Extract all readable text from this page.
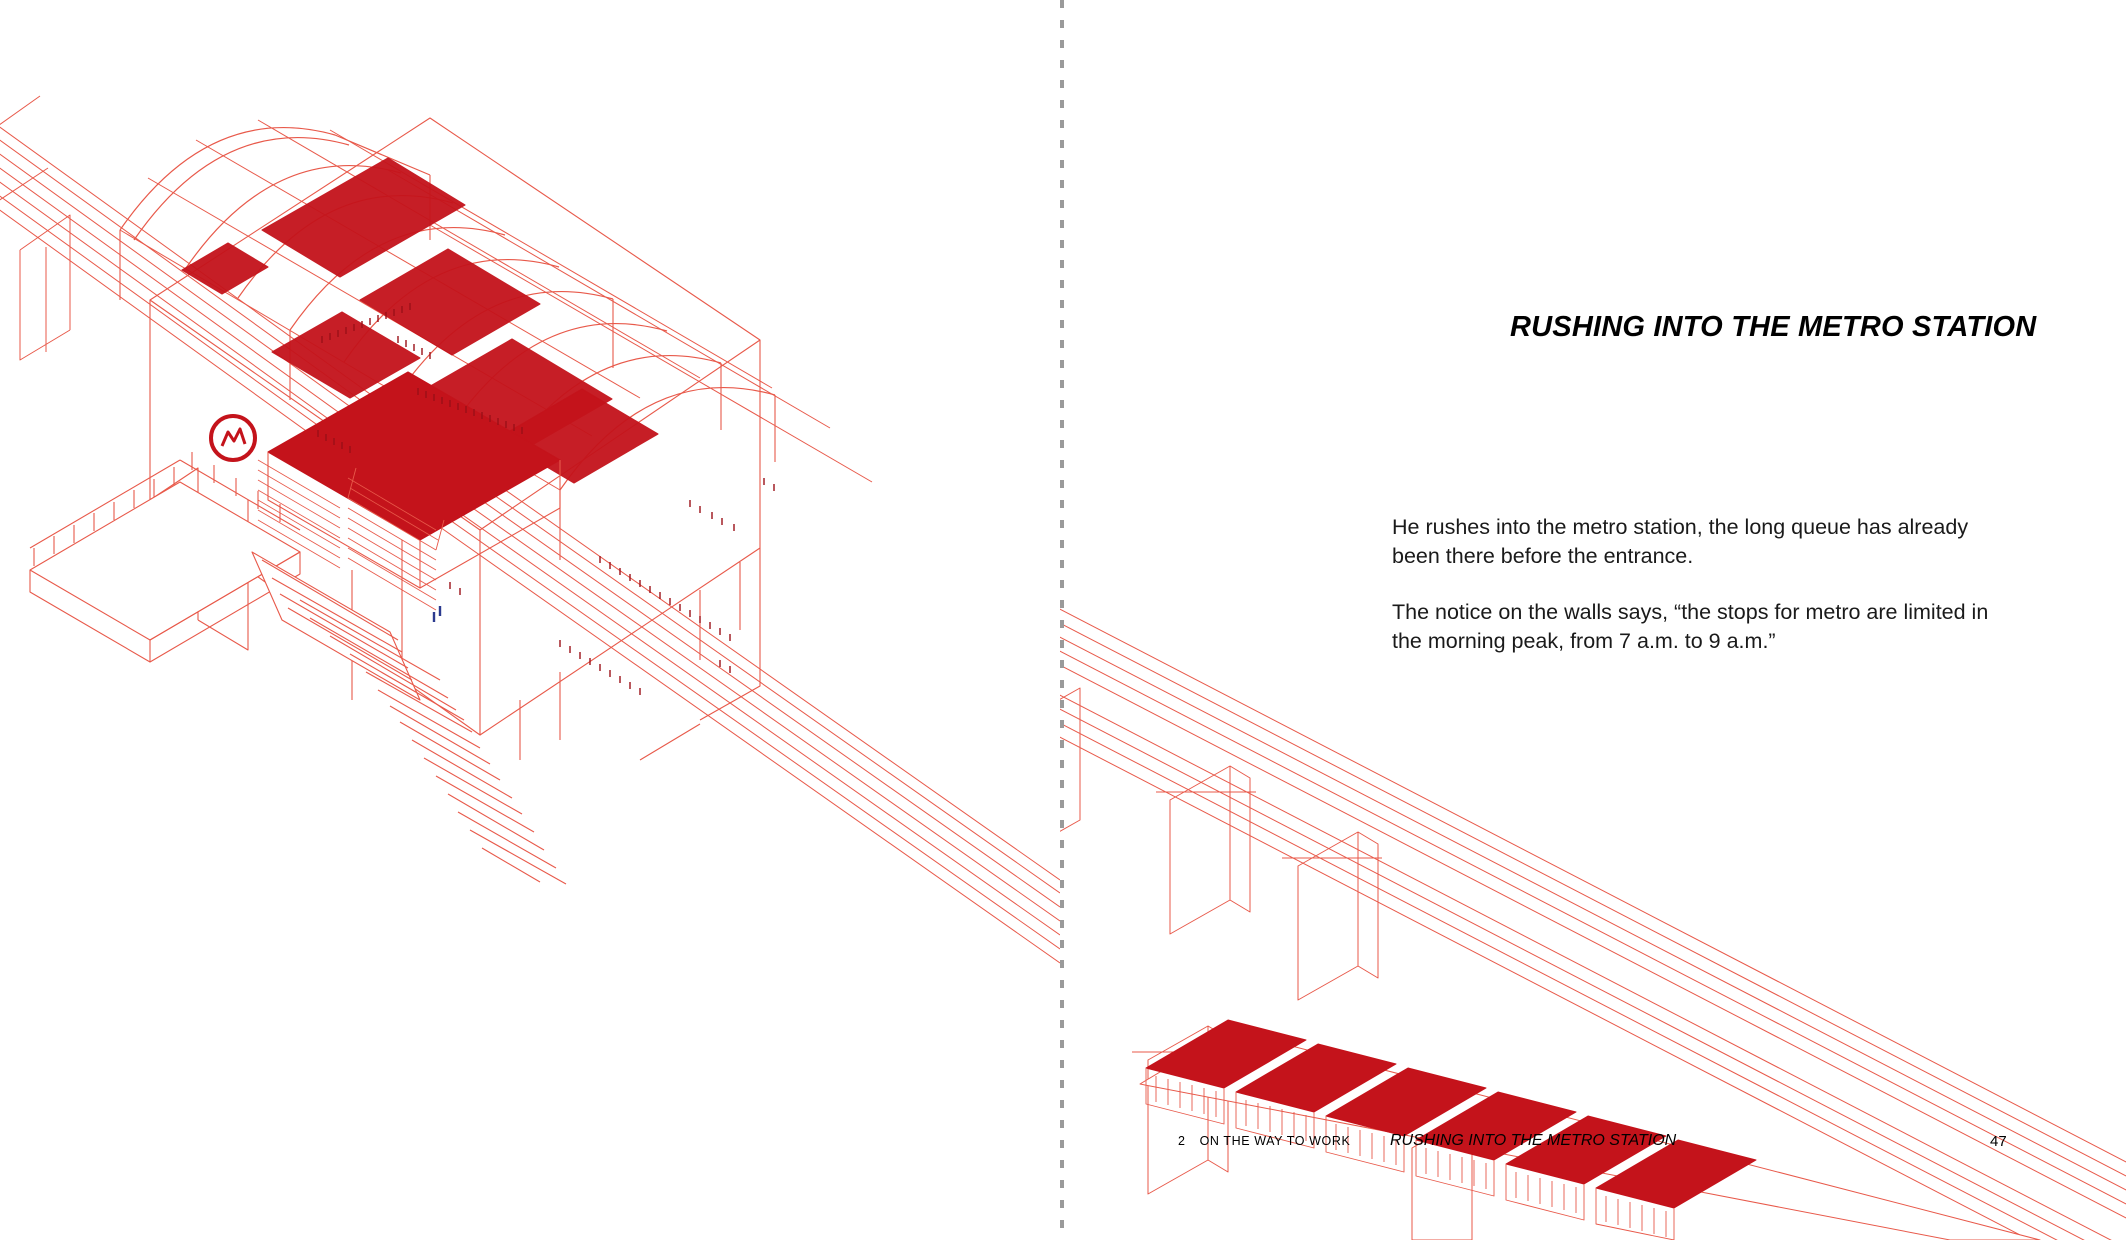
RUSHING INTO THE METRO STATION

He rushes into the metro station, the long queue has already been there before the entrance.

The notice on the walls says, “the stops for metro are limited in the morning peak, from 7 a.m. to 9 a.m.”

2 ON THE WAY TO WORK RUSHING INTO THE METRO STATION	47
